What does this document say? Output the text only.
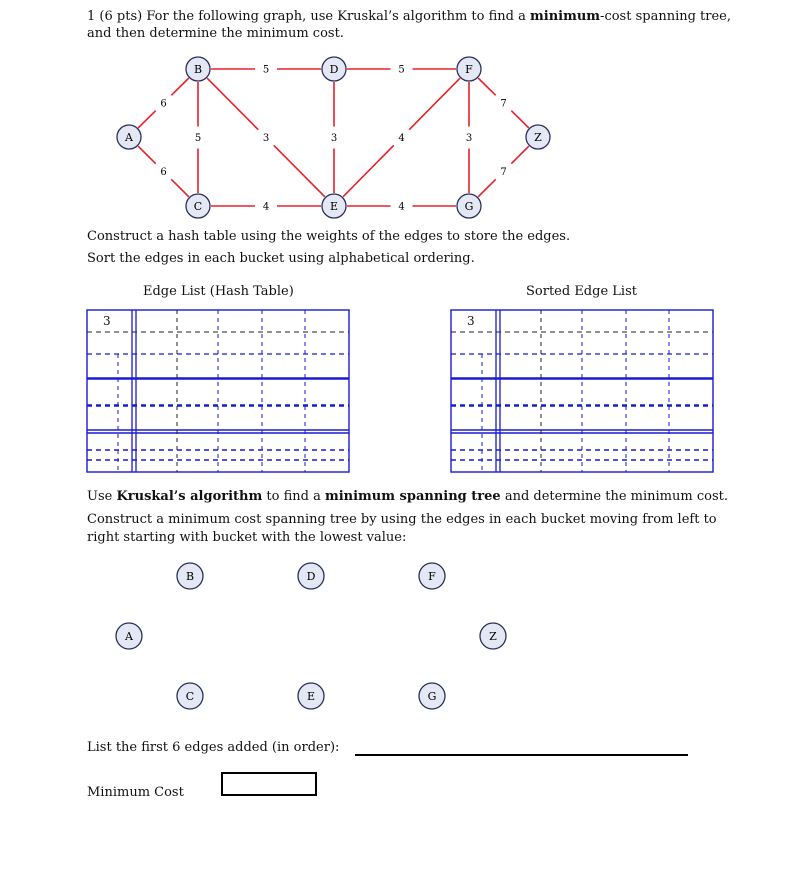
1 (6 pts) For the following graph, use Kruskal’s algorithm to find a minimum-cost spanning tree,
and then determine the minimum cost.
6
6
5
5	3	3
5
4	4
4	3
7
7
A
B
C
D
E
F
G
Z
A
B
C
D
E
F
G
Z
Construct a hash table using the weights of the edges to store the edges.
Sort the edges in each bucket using alphabetical ordering.
Edge List (Hash Table)	Sorted Edge List
3	3
Use Kruskal’s algorithm to find a minimum spanning tree and determine the minimum cost.
Construct a minimum cost spanning tree by using the edges in each bucket moving from left to
right starting with bucket with the lowest value:
List the first 6 edges added (in order):
Minimum Cost
